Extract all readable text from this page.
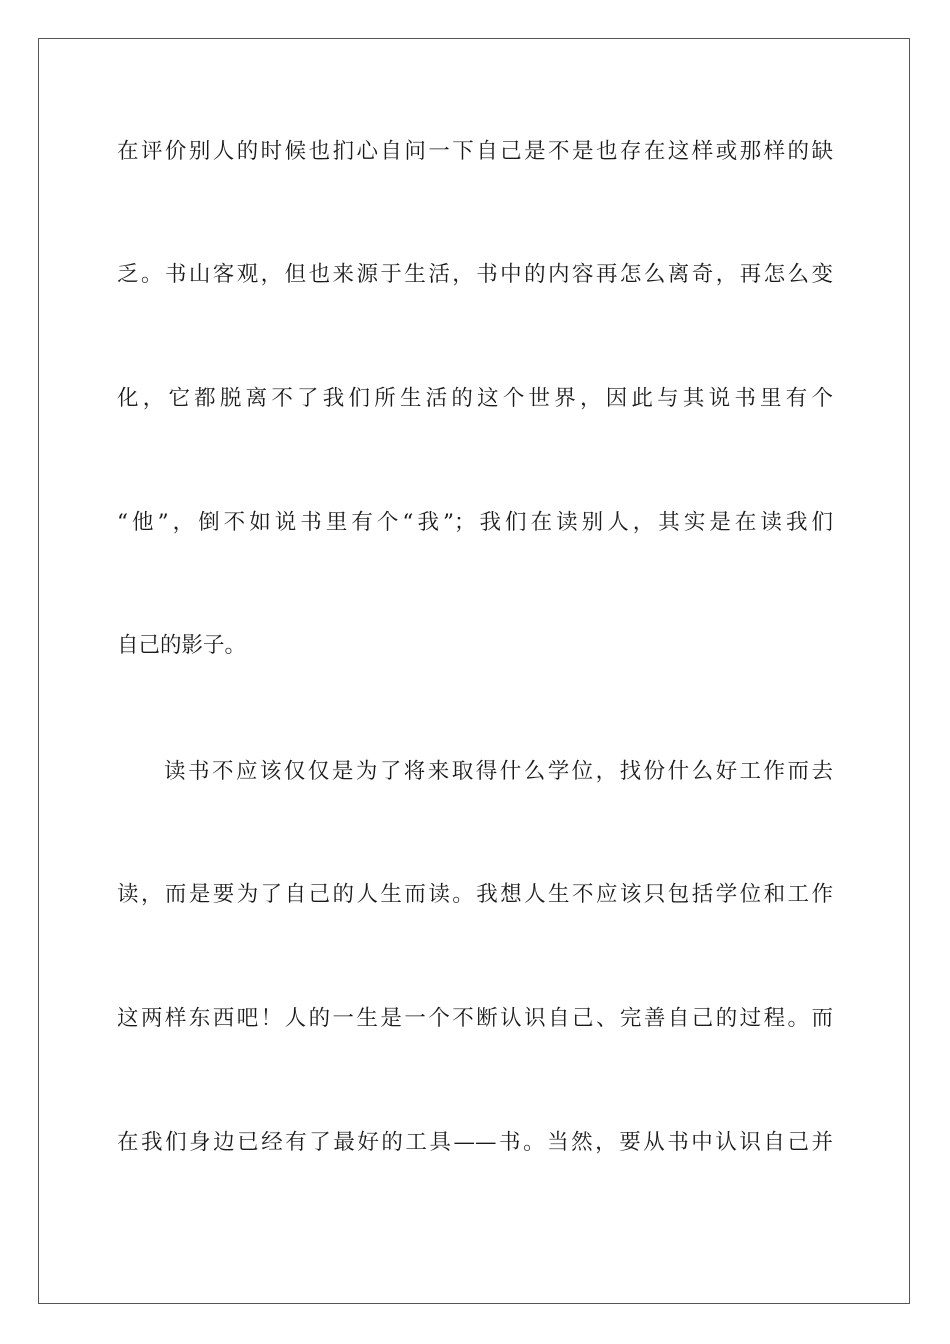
在评价别人的时候也扪心自问一下自己是不是也存在这样或那样的缺
乏。书山客观，但也来源于生活，书中的内容再怎么离奇，再怎么变
化，它都脱离不了我们所生活的这个世界，因此与其说书里有个
“他”，倒不如说书里有个“我”；我们在读别人，其实是在读我们
自己的影子。
读书不应该仅仅是为了将来取得什么学位，找份什么好工作而去
读，而是要为了自己的人生而读。我想人生不应该只包括学位和工作
这两样东西吧！人的一生是一个不断认识自己、完善自己的过程。而
在我们身边已经有了最好的工具——书。当然，要从书中认识自己并
